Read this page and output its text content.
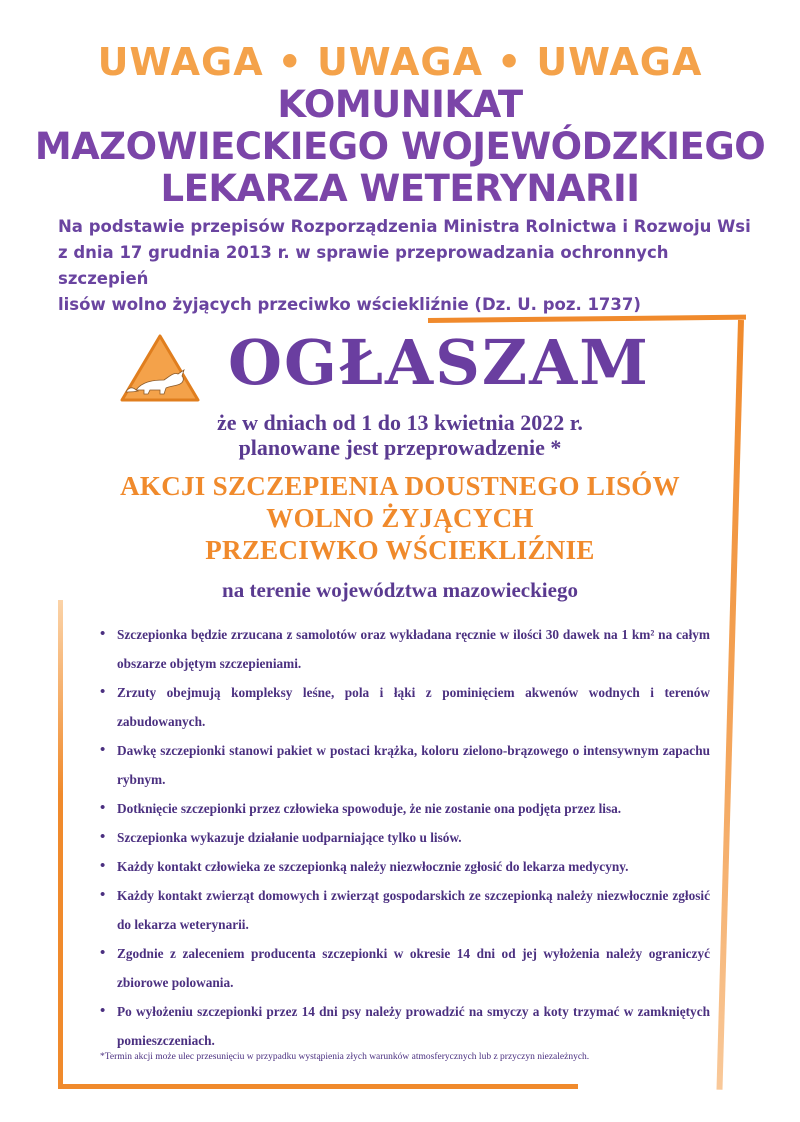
UWAGA • UWAGA • UWAGA
KOMUNIKAT
MAZOWIECKIEGO WOJEWÓDZKIEGO
LEKARZA WETERYNARII
Na podstawie przepisów Rozporządzenia Ministra Rolnictwa i Rozwoju Wsi
z dnia 17 grudnia 2013 r. w sprawie przeprowadzania ochronnych szczepień
lisów wolno żyjących przeciwko wściekliźnie (Dz. U. poz. 1737)
OGŁASZAM
że w dniach od 1 do 13 kwietnia 2022 r.
planowane jest przeprowadzenie *
AKCJI SZCZEPIENIA DOUSTNEGO LISÓW
WOLNO ŻYJĄCYCH
PRZECIWKO WŚCIEKLIŹNIE
na terenie województwa mazowieckiego
• Szczepionka będzie zrzucana z samolotów oraz wykładana ręcznie w ilości 30 dawek na 1 km² na całym obszarze objętym szczepieniami.
• Zrzuty obejmują kompleksy leśne, pola i łąki z pominięciem akwenów wodnych i terenów zabudowanych.
• Dawkę szczepionki stanowi pakiet w postaci krążka, koloru zielono-brązowego o intensywnym zapachu rybnym.
• Dotknięcie szczepionki przez człowieka spowoduje, że nie zostanie ona podjęta przez lisa.
• Szczepionka wykazuje działanie uodparniające tylko u lisów.
• Każdy kontakt człowieka ze szczepionką należy niezwłocznie zgłosić do lekarza medycyny.
• Każdy kontakt zwierząt domowych i zwierząt gospodarskich ze szczepionką należy niezwłocznie zgłosić do lekarza weterynarii.
• Zgodnie z zaleceniem producenta szczepionki w okresie 14 dni od jej wyłożenia należy ograniczyć zbiorowe polowania.
• Po wyłożeniu szczepionki przez 14 dni psy należy prowadzić na smyczy a koty trzymać w zamkniętych pomieszczeniach.
*Termin akcji może ulec przesunięciu w przypadku wystąpienia złych warunków atmosferycznych lub z przyczyn niezależnych.
